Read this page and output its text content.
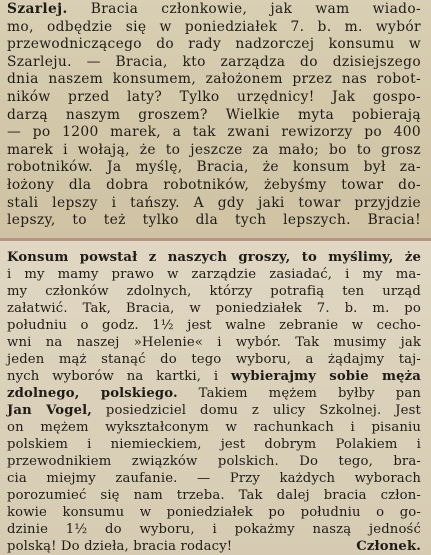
Szarlej. Bracia członkowie, jak wam wiado-
mo, odbędzie się w poniedziałek 7. b. m. wybór
przewodniczącego do rady nadzorczej konsumu w
Szarleju. — Bracia, kto zarządza do dzisiejszego
dnia naszem konsumem, założonem przez nas robot-
ników przed laty? Tylko urzędnicy! Jak gospo-
darzą naszym groszem? Wielkie myta pobierają
— po 1200 marek, a tak zwani rewizorzy po 400
marek i wołają, że to jeszcze za mało; bo to grosz
robotników. Ja myślę, Bracia, że konsum był za-
łożony dla dobra robotników, żebyśmy towar do-
stali lepszy i tańszy. A gdy jaki towar przyjdzie
lepszy, to też tylko dla tych lepszych. Bracia!
Konsum powstał z naszych groszy, to myślimy, że
i my mamy prawo w zarządzie zasiadać, i my ma-
my członków zdolnych, którzy potrafią ten urząd
załatwić. Tak, Bracia, w poniedziałek 7. b. m. po
południu o godz. 1½ jest walne zebranie w cecho-
wni na naszej »Helenie« i wybór. Tak musimy jak
jeden mąż stanąć do tego wyboru, a żądajmy taj-
nych wyborów na kartki, i wybierajmy sobie męża
zdolnego, polskiego. Takiem mężem byłby pan
Jan Vogel, posiedziciel domu z ulicy Szkolnej. Jest
on mężem wykształconym w rachunkach i pisaniu
polskiem i niemieckiem, jest dobrym Polakiem i
przewodnikiem związków polskich. Do tego, bra-
cia miejmy zaufanie. — Przy każdych wyborach
porozumieć się nam trzeba. Tak dalej bracia człon-
kowie konsumu w poniedziałek po południu o go-
dzinie 1½ do wyboru, i pokażmy naszą jedność
polską! Do dzieła, bracia rodacy!	Członek.
